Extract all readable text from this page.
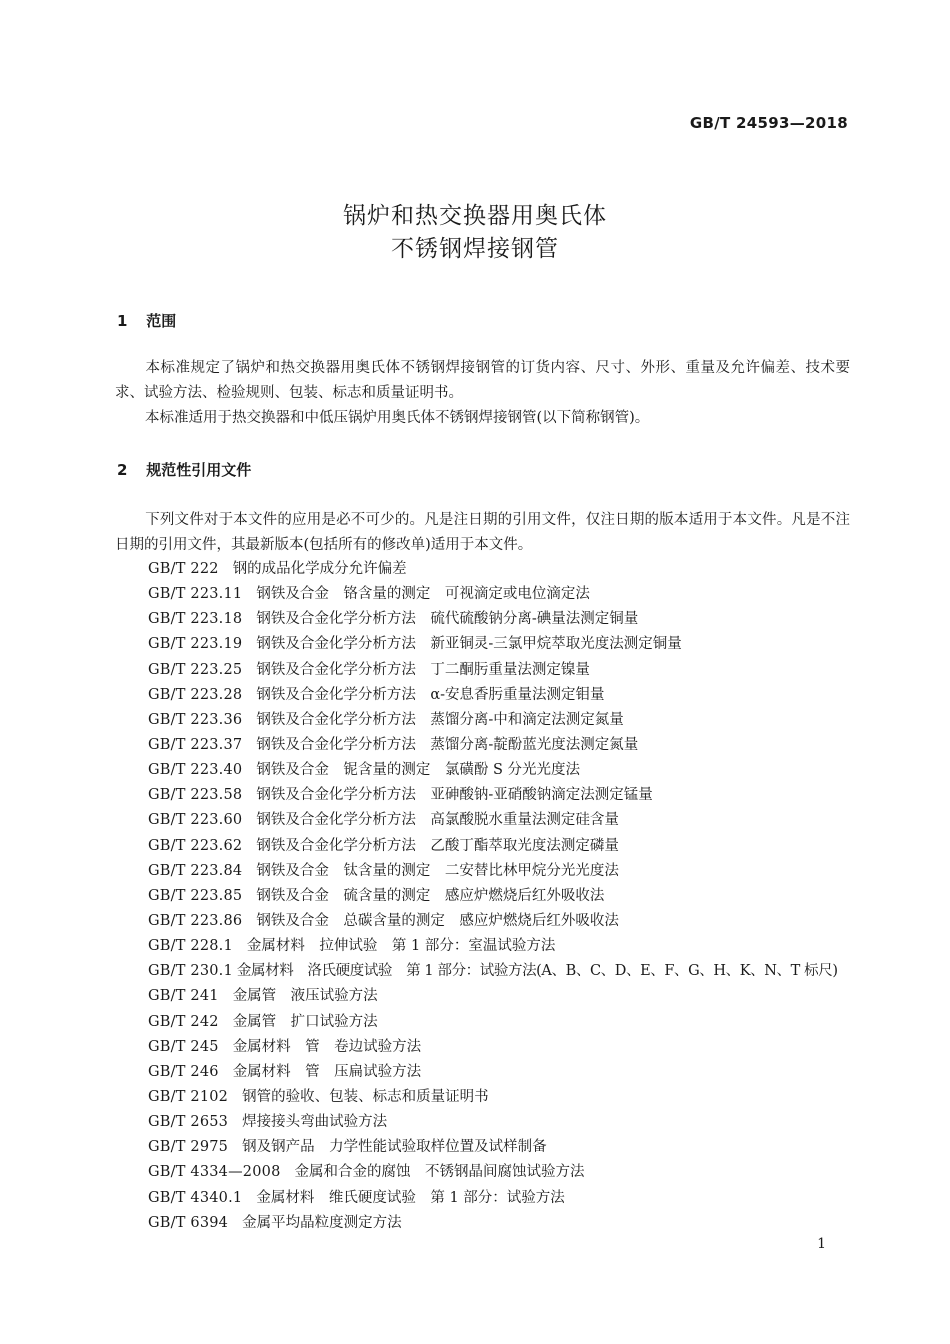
GB/T 24593—2018
锅炉和热交换器用奥氏体
不锈钢焊接钢管
1 范围
本标准规定了锅炉和热交换器用奥氏体不锈钢焊接钢管的订货内容、尺寸、外形、重量及允许偏差、技术要求、试验方法、检验规则、包装、标志和质量证明书。
本标准适用于热交换器和中低压锅炉用奥氏体不锈钢焊接钢管(以下简称钢管)。
2 规范性引用文件
下列文件对于本文件的应用是必不可少的。凡是注日期的引用文件，仅注日期的版本适用于本文件。凡是不注日期的引用文件，其最新版本(包括所有的修改单)适用于本文件。
GB/T 222 钢的成品化学成分允许偏差
GB/T 223.11 钢铁及合金　铬含量的测定　可视滴定或电位滴定法
GB/T 223.18 钢铁及合金化学分析方法　硫代硫酸钠分离-碘量法测定铜量
GB/T 223.19 钢铁及合金化学分析方法　新亚铜灵-三氯甲烷萃取光度法测定铜量
GB/T 223.25 钢铁及合金化学分析方法　丁二酮肟重量法测定镍量
GB/T 223.28 钢铁及合金化学分析方法　α-安息香肟重量法测定钼量
GB/T 223.36 钢铁及合金化学分析方法　蒸馏分离-中和滴定法测定氮量
GB/T 223.37 钢铁及合金化学分析方法　蒸馏分离-靛酚蓝光度法测定氮量
GB/T 223.40 钢铁及合金　铌含量的测定　氯磺酚 S 分光光度法
GB/T 223.58 钢铁及合金化学分析方法　亚砷酸钠-亚硝酸钠滴定法测定锰量
GB/T 223.60 钢铁及合金化学分析方法　高氯酸脱水重量法测定硅含量
GB/T 223.62 钢铁及合金化学分析方法　乙酸丁酯萃取光度法测定磷量
GB/T 223.84 钢铁及合金　钛含量的测定　二安替比林甲烷分光光度法
GB/T 223.85 钢铁及合金　硫含量的测定　感应炉燃烧后红外吸收法
GB/T 223.86 钢铁及合金　总碳含量的测定　感应炉燃烧后红外吸收法
GB/T 228.1 金属材料　拉伸试验　第 1 部分：室温试验方法
GB/T 230.1 金属材料　洛氏硬度试验　第 1 部分：试验方法(A、B、C、D、E、F、G、H、K、N、T 标尺)
GB/T 241 金属管　液压试验方法
GB/T 242 金属管　扩口试验方法
GB/T 245 金属材料　管　卷边试验方法
GB/T 246 金属材料　管　压扁试验方法
GB/T 2102 钢管的验收、包装、标志和质量证明书
GB/T 2653 焊接接头弯曲试验方法
GB/T 2975 钢及钢产品　力学性能试验取样位置及试样制备
GB/T 4334—2008 金属和合金的腐蚀　不锈钢晶间腐蚀试验方法
GB/T 4340.1 金属材料　维氏硬度试验　第 1 部分：试验方法
GB/T 6394 金属平均晶粒度测定方法
1
